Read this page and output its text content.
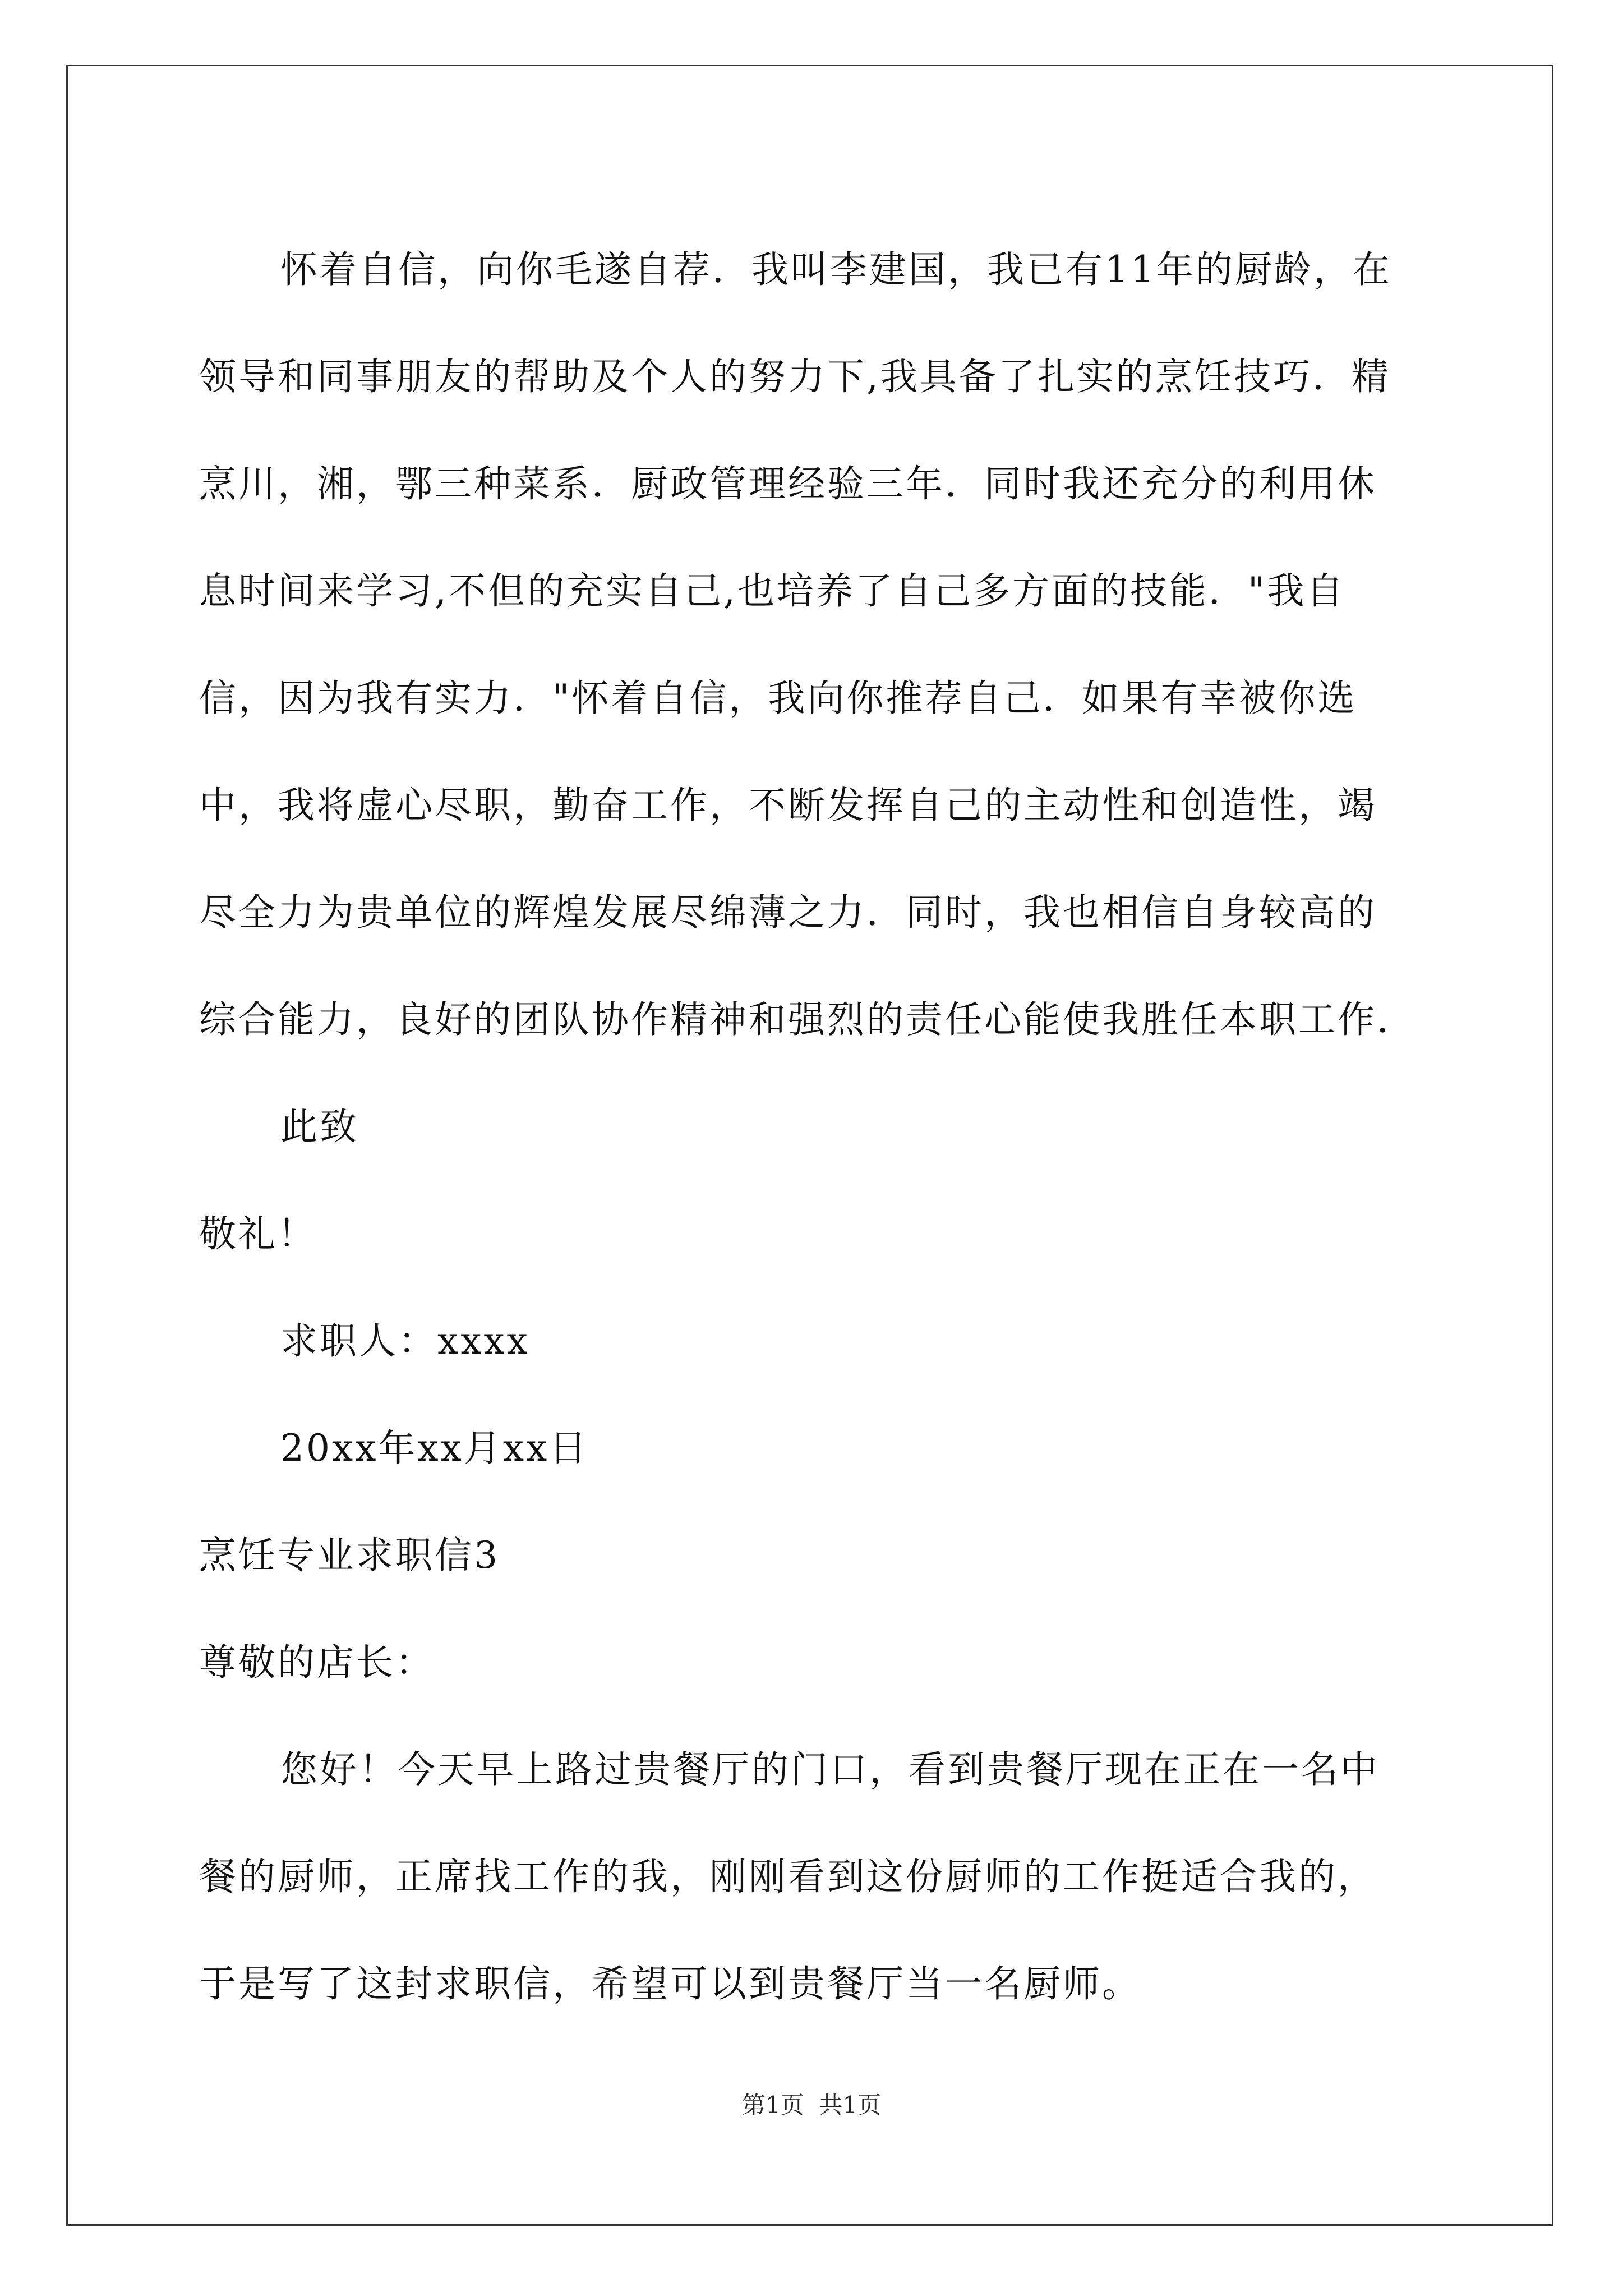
怀着自信，向你毛遂自荐．我叫李建国，我已有11年的厨龄，在
领导和同事朋友的帮助及个人的努力下,我具备了扎实的烹饪技巧．精
烹川，湘，鄂三种菜系．厨政管理经验三年．同时我还充分的利用休
息时间来学习,不但的充实自己,也培养了自己多方面的技能．"我自
信，因为我有实力．"怀着自信，我向你推荐自己．如果有幸被你选
中，我将虚心尽职，勤奋工作，不断发挥自己的主动性和创造性，竭
尽全力为贵单位的辉煌发展尽绵薄之力．同时，我也相信自身较高的
综合能力，良好的团队协作精神和强烈的责任心能使我胜任本职工作．
此致
敬礼！
求职人：xxxx
20xx年xx月xx日
烹饪专业求职信3
尊敬的店长：
您好！今天早上路过贵餐厅的门口，看到贵餐厅现在正在一名中
餐的厨师，正席找工作的我，刚刚看到这份厨师的工作挺适合我的，
于是写了这封求职信，希望可以到贵餐厅当一名厨师。
第1页  共1页
